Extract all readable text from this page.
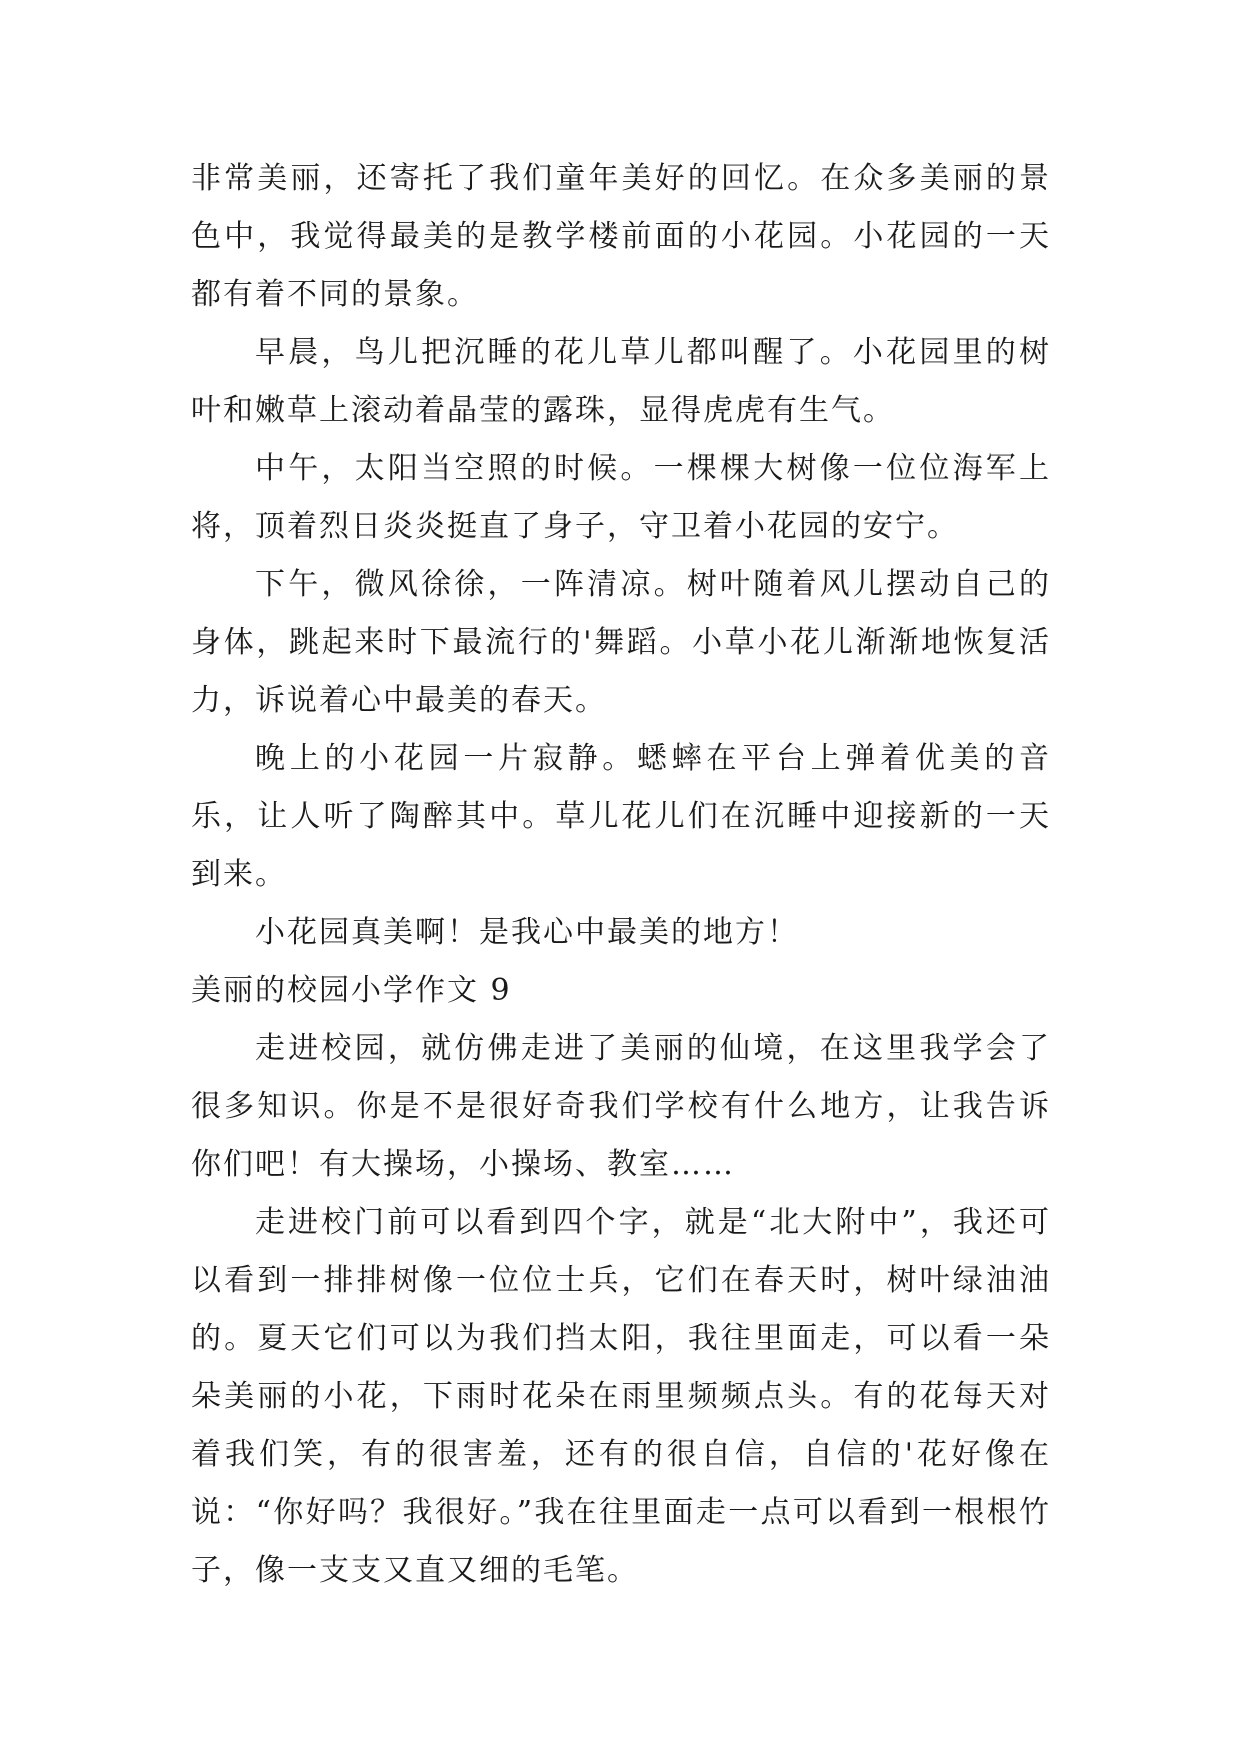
非常美丽，还寄托了我们童年美好的回忆。在众多美丽的景色中，我觉得最美的是教学楼前面的小花园。小花园的一天都有着不同的景象。

早晨，鸟儿把沉睡的花儿草儿都叫醒了。小花园里的树叶和嫩草上滚动着晶莹的露珠，显得虎虎有生气。

中午，太阳当空照的时候。一棵棵大树像一位位海军上将，顶着烈日炎炎挺直了身子，守卫着小花园的安宁。

下午，微风徐徐，一阵清凉。树叶随着风儿摆动自己的身体，跳起来时下最流行的'舞蹈。小草小花儿渐渐地恢复活力，诉说着心中最美的春天。

晚上的小花园一片寂静。蟋蟀在平台上弹着优美的音乐，让人听了陶醉其中。草儿花儿们在沉睡中迎接新的一天到来。

小花园真美啊！是我心中最美的地方！

美丽的校园小学作文 9

走进校园，就仿佛走进了美丽的仙境，在这里我学会了很多知识。你是不是很好奇我们学校有什么地方，让我告诉你们吧！有大操场，小操场、教室……

走进校门前可以看到四个字，就是“北大附中”，我还可以看到一排排树像一位位士兵，它们在春天时，树叶绿油油的。夏天它们可以为我们挡太阳，我往里面走，可以看一朵朵美丽的小花，下雨时花朵在雨里频频点头。有的花每天对着我们笑，有的很害羞，还有的很自信，自信的'花好像在说：“你好吗？我很好。”我在往里面走一点可以看到一根根竹子，像一支支又直又细的毛笔。
